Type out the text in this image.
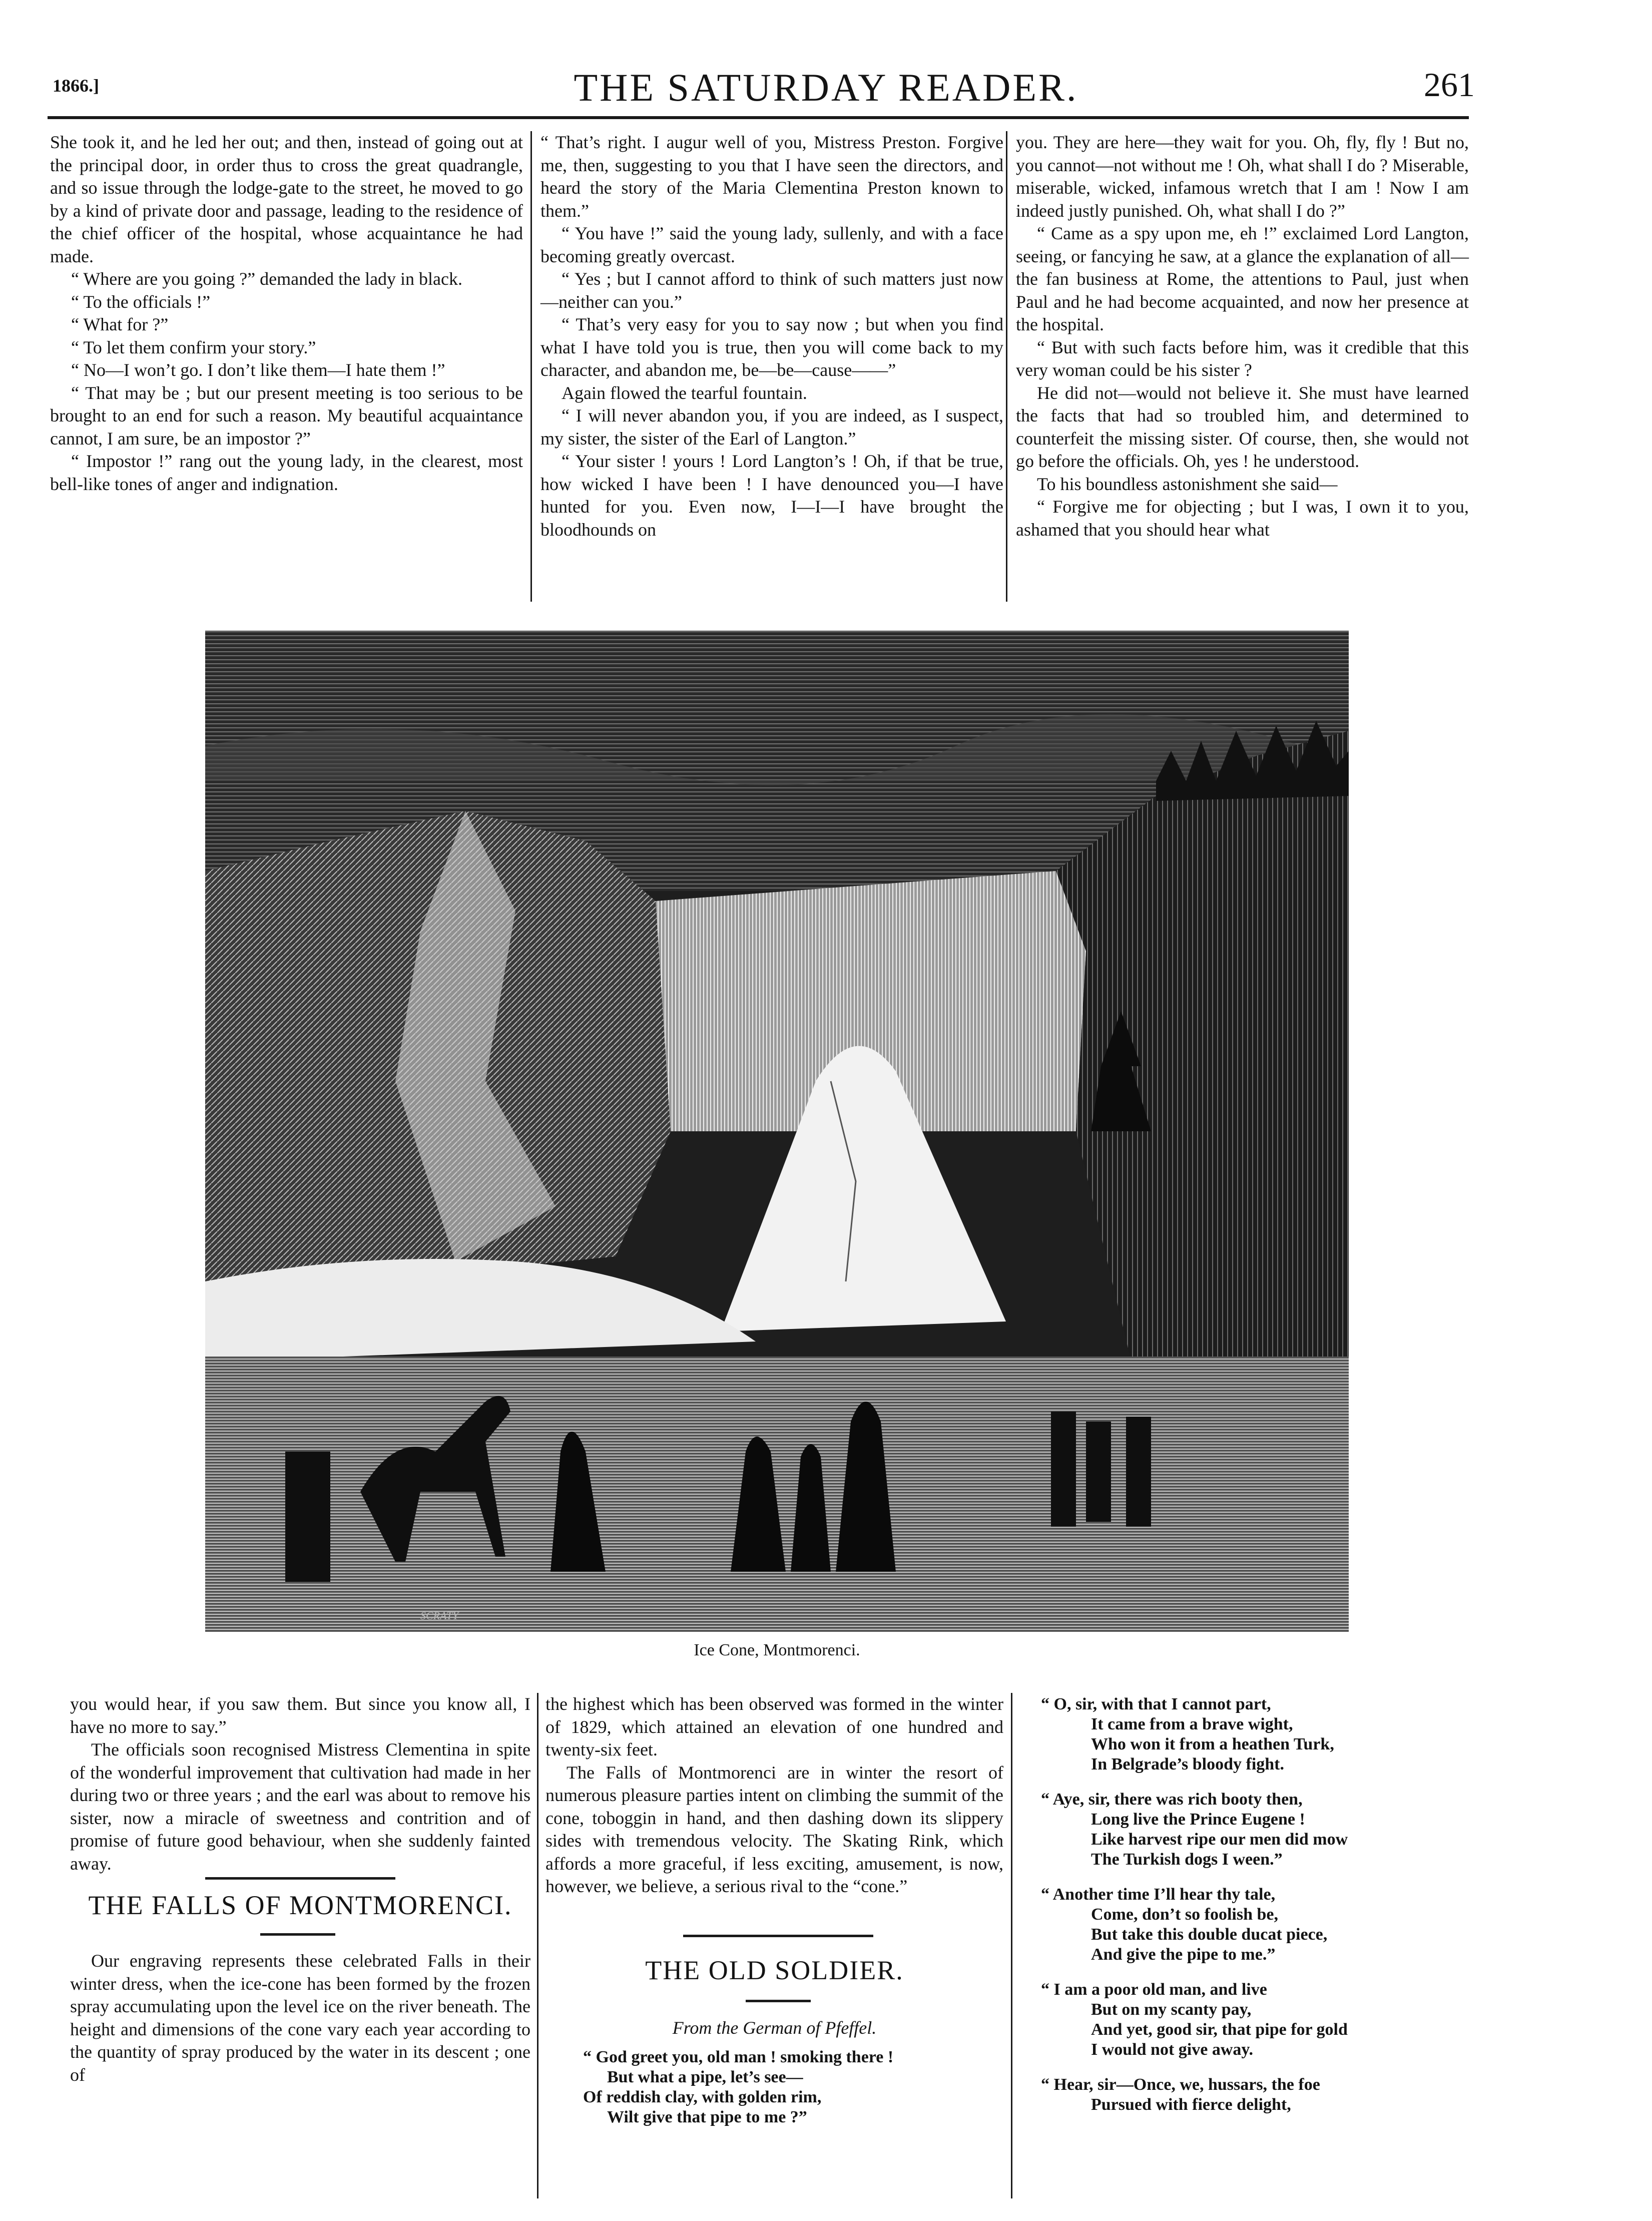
1866.]	THE SATURDAY READER.	261

She took it, and he led her out; and then, instead of going out at the principal door, in order thus to cross the great quadrangle, and so issue through the lodge-gate to the street, he moved to go by a kind of private door and passage, leading to the residence of the chief officer of the hospital, whose acquaintance he had made.

“ Where are you going ?” demanded the lady in black.

“ To the officials !”

“ What for ?”

“ To let them confirm your story.”

“ No—I won’t go. I don’t like them—I hate them !”

“ That may be ; but our present meeting is too serious to be brought to an end for such a reason. My beautiful acquaintance cannot, I am sure, be an impostor ?”

“ Impostor !” rang out the young lady, in the clearest, most bell-like tones of anger and indignation.

“ That’s right. I augur well of you, Mistress Preston. Forgive me, then, suggesting to you that I have seen the directors, and heard the story of the Maria Clementina Preston known to them.”

“ You have !” said the young lady, sullenly, and with a face becoming greatly overcast.

“ Yes ; but I cannot afford to think of such matters just now—neither can you.”

“ That’s very easy for you to say now ; but when you find what I have told you is true, then you will come back to my character, and abandon me, be—be—cause——”

Again flowed the tearful fountain.

“ I will never abandon you, if you are indeed, as I suspect, my sister, the sister of the Earl of Langton.”

“ Your sister ! yours ! Lord Langton’s ! Oh, if that be true, how wicked I have been ! I have denounced you—I have hunted for you. Even now, I—I—I have brought the bloodhounds on

you. They are here—they wait for you. Oh, fly, fly ! But no, you cannot—not without me ! Oh, what shall I do ? Miserable, miserable, wicked, infamous wretch that I am ! Now I am indeed justly punished. Oh, what shall I do ?”

“ Came as a spy upon me, eh !” exclaimed Lord Langton, seeing, or fancying he saw, at a glance the explanation of all—the fan business at Rome, the attentions to Paul, just when Paul and he had become acquainted, and now her presence at the hospital.

“ But with such facts before him, was it credible that this very woman could be his sister ?

He did not—would not believe it. She must have learned the facts that had so troubled him, and determined to counterfeit the missing sister. Of course, then, she would not go before the officials. Oh, yes ! he understood.

To his boundless astonishment she said—

“ Forgive me for objecting ; but I was, I own it to you, ashamed that you should hear what

SCRATY
Ice Cone, Montmorenci.

you would hear, if you saw them. But since you know all, I have no more to say.”

The officials soon recognised Mistress Clementina in spite of the wonderful improvement that cultivation had made in her during two or three years ; and the earl was about to remove his sister, now a miracle of sweetness and contrition and of promise of future good behaviour, when she suddenly fainted away.

THE FALLS OF MONTMORENCI.

Our engraving represents these celebrated Falls in their winter dress, when the ice-cone has been formed by the frozen spray accumulating upon the level ice on the river beneath. The height and dimensions of the cone vary each year according to the quantity of spray produced by the water in its descent ; one of

the highest which has been observed was formed in the winter of 1829, which attained an elevation of one hundred and twenty-six feet.

The Falls of Montmorenci are in winter the resort of numerous pleasure parties intent on climbing the summit of the cone, toboggin in hand, and then dashing down its slippery sides with tremendous velocity. The Skating Rink, which affords a more graceful, if less exciting, amusement, is now, however, we believe, a serious rival to the “cone.”

THE OLD SOLDIER.
From the German of Pfeffel.
“ God greet you, old man ! smoking there !
But what a pipe, let’s see—
Of reddish clay, with golden rim,
Wilt give that pipe to me ?”
“ O, sir, with that I cannot part,
It came from a brave wight,
Who won it from a heathen Turk,
In Belgrade’s bloody fight.
“ Aye, sir, there was rich booty then,
Long live the Prince Eugene !
Like harvest ripe our men did mow
The Turkish dogs I ween.”
“ Another time I’ll hear thy tale,
Come, don’t so foolish be,
But take this double ducat piece,
And give the pipe to me.”
“ I am a poor old man, and live
But on my scanty pay,
And yet, good sir, that pipe for gold
I would not give away.
“ Hear, sir—Once, we, hussars, the foe
Pursued with fierce delight,
